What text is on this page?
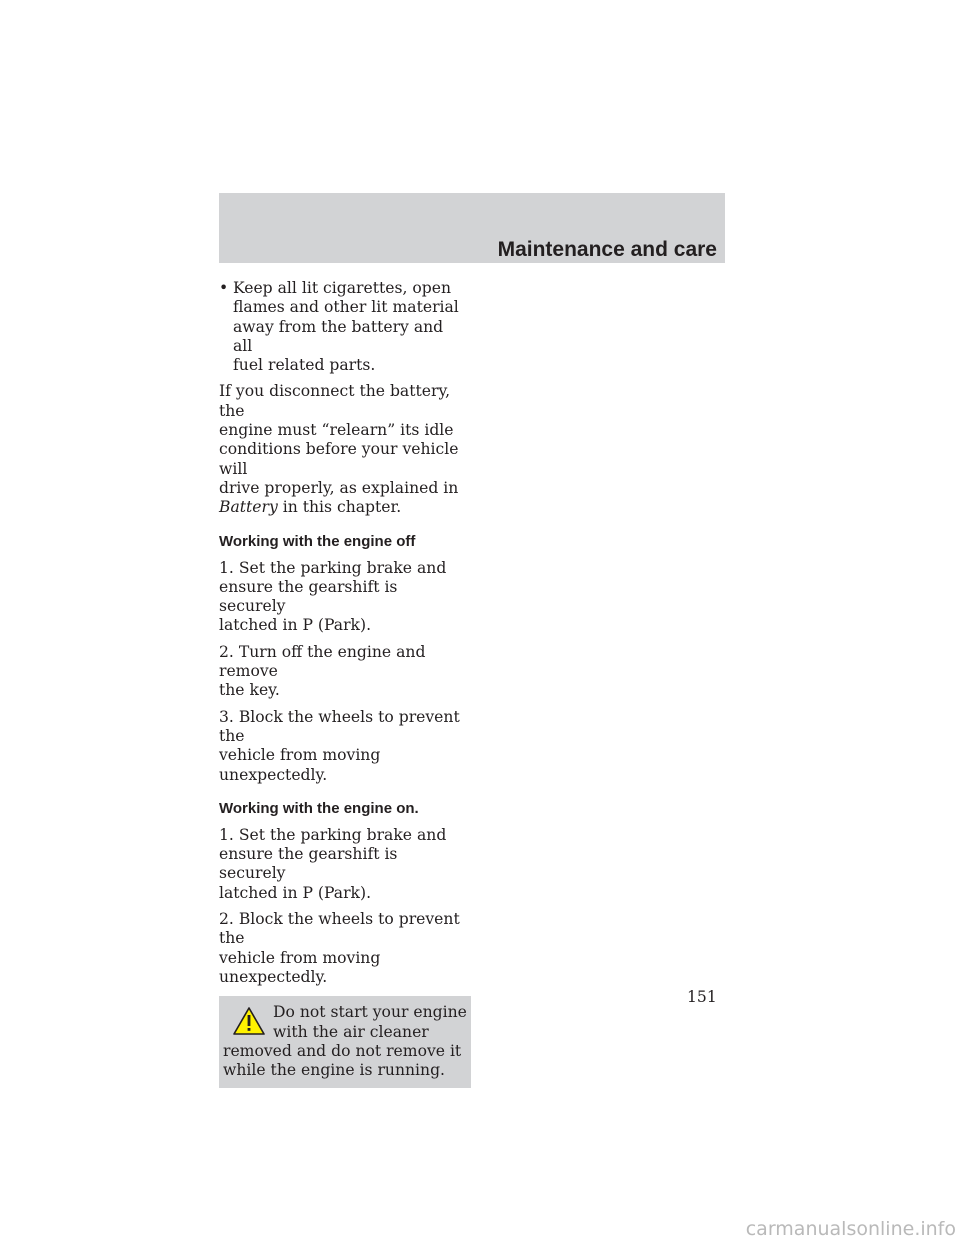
Maintenance and care
• Keep all lit cigarettes, open
flames and other lit material
away from the battery and all
fuel related parts.

If you disconnect the battery, the
engine must “relearn” its idle
conditions before your vehicle will
drive properly, as explained in
Battery in this chapter.

Working with the engine off

1. Set the parking brake and
ensure the gearshift is securely
latched in P (Park).

2. Turn off the engine and remove
the key.

3. Block the wheels to prevent the
vehicle from moving unexpectedly.

Working with the engine on.

1. Set the parking brake and
ensure the gearshift is securely
latched in P (Park).

2. Block the wheels to prevent the
vehicle from moving unexpectedly.

Do not start your engine
with the air cleaner
removed and do not remove it
while the engine is running.
151
carmanualsonline.info
